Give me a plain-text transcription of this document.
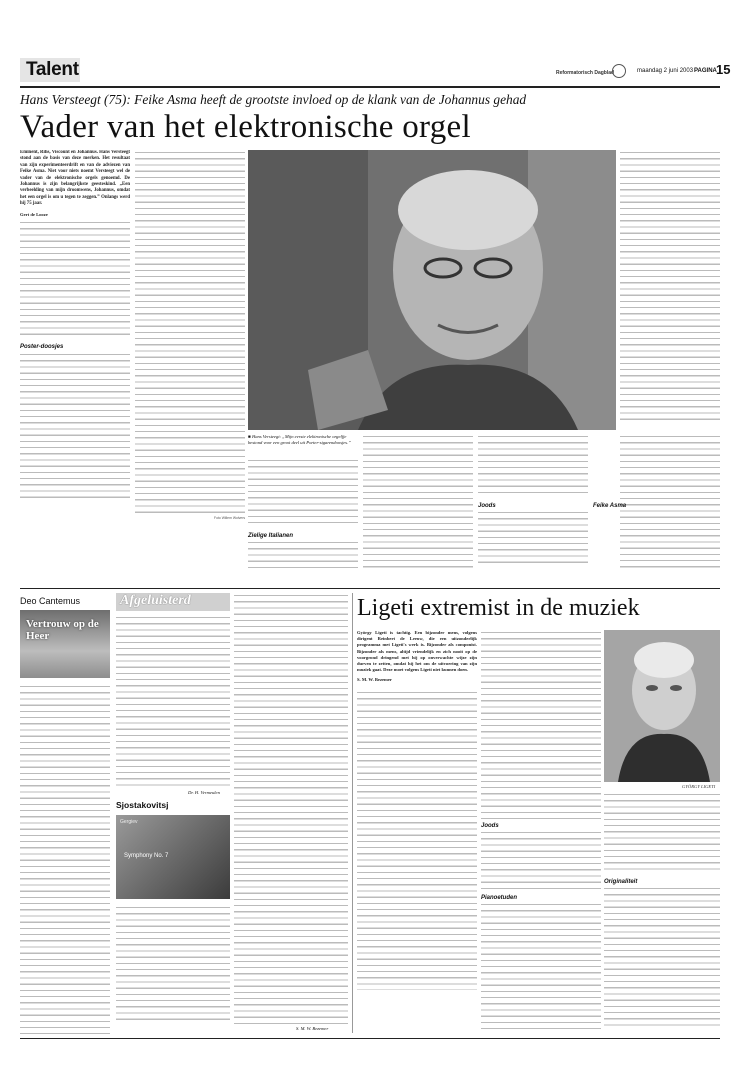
Talent	Reformatorisch Dagblad	maandag 2 juni 2003 PAGINA 15
Hans Versteegt (75): Feike Asma heeft de grootste invloed op de klank van de Johannus gehad
Vader van het elektronische orgel

Eminent, Rihs, Viscount en Johannus. Hans Versteegt stond aan de basis van deze merken. Het resultaat van zijn experimenteerdrift en van de adviezen van Feike Asma. Niet voor niets noemt Versteegt wel de vader van de elektronische orgels genoemd. De Johannus is zijn belangrijkste geesteskind. „Een verbeelding van mijn droomwens, Johannus, omdat het een orgel is om u tegen te zeggen.” Onlangs werd hij 75 jaar.

Gert de Looze

Poster-doosjes
Foto Willem Wolvers
■ Hans Versteegt: „Mijn eerste elektronische orgelfje bestond voor een groot deel uit Porter-sigarendoosjes.”
Zielige Italianen
Joods	Feike Asma
Deo Cantemus
Vertrouw op de Heer
Afgeluisterd
Dr. H. Vermeulen
Sjostakovitsj
Gergiev
Symphony No. 7
S. M. W. Bezemer
Ligeti extremist in de muziek

György Ligeti is tachtig. Een bijzonder mens, volgens dirigent Reinbert de Leeuw, die een uitzonderlijk programma met Ligeti's werk is. Bijzonder als componist. Bijzonder als mens, altijd vriendelijk en zich nooit op de voorgrond dringend met hij op onverwachte wijze zijn durven te zetten, omdat hij het om de uitvoering van zijn muziek gaat. Deze moet volgens Ligeti niet kunnen doen.

S. M. W. Bezemer

Joods
Pianoetuden
GYÖRGY LIGETI
Originaliteit
